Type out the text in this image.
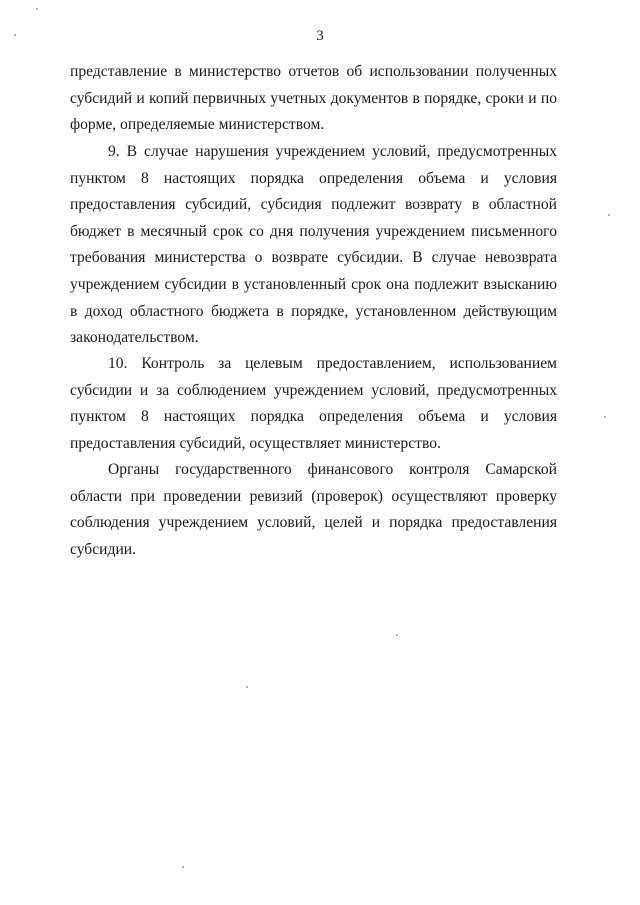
3

представление в министерство отчетов об использовании полученных субсидий и копий первичных учетных документов в порядке, сроки и по форме, определяемые министерством.

9. В случае нарушения учреждением условий, предусмотренных пунктом 8 настоящих порядка определения объема и условия предоставления субсидий, субсидия подлежит возврату в областной бюджет в месячный срок со дня получения учреждением письменного требования министерства о возврате субсидии. В случае невозврата учреждением субсидии в установленный срок она подлежит взысканию в доход областного бюджета в порядке, установленном действующим законодательством.

10. Контроль за целевым предоставлением, использованием субсидии и за соблюдением учреждением условий, предусмотренных пунктом 8 настоящих порядка определения объема и условия предоставления субсидий, осуществляет министерство.

Органы государственного финансового контроля Самарской области при проведении ревизий (проверок) осуществляют проверку соблюдения учреждением условий, целей и порядка предоставления субсидии.
